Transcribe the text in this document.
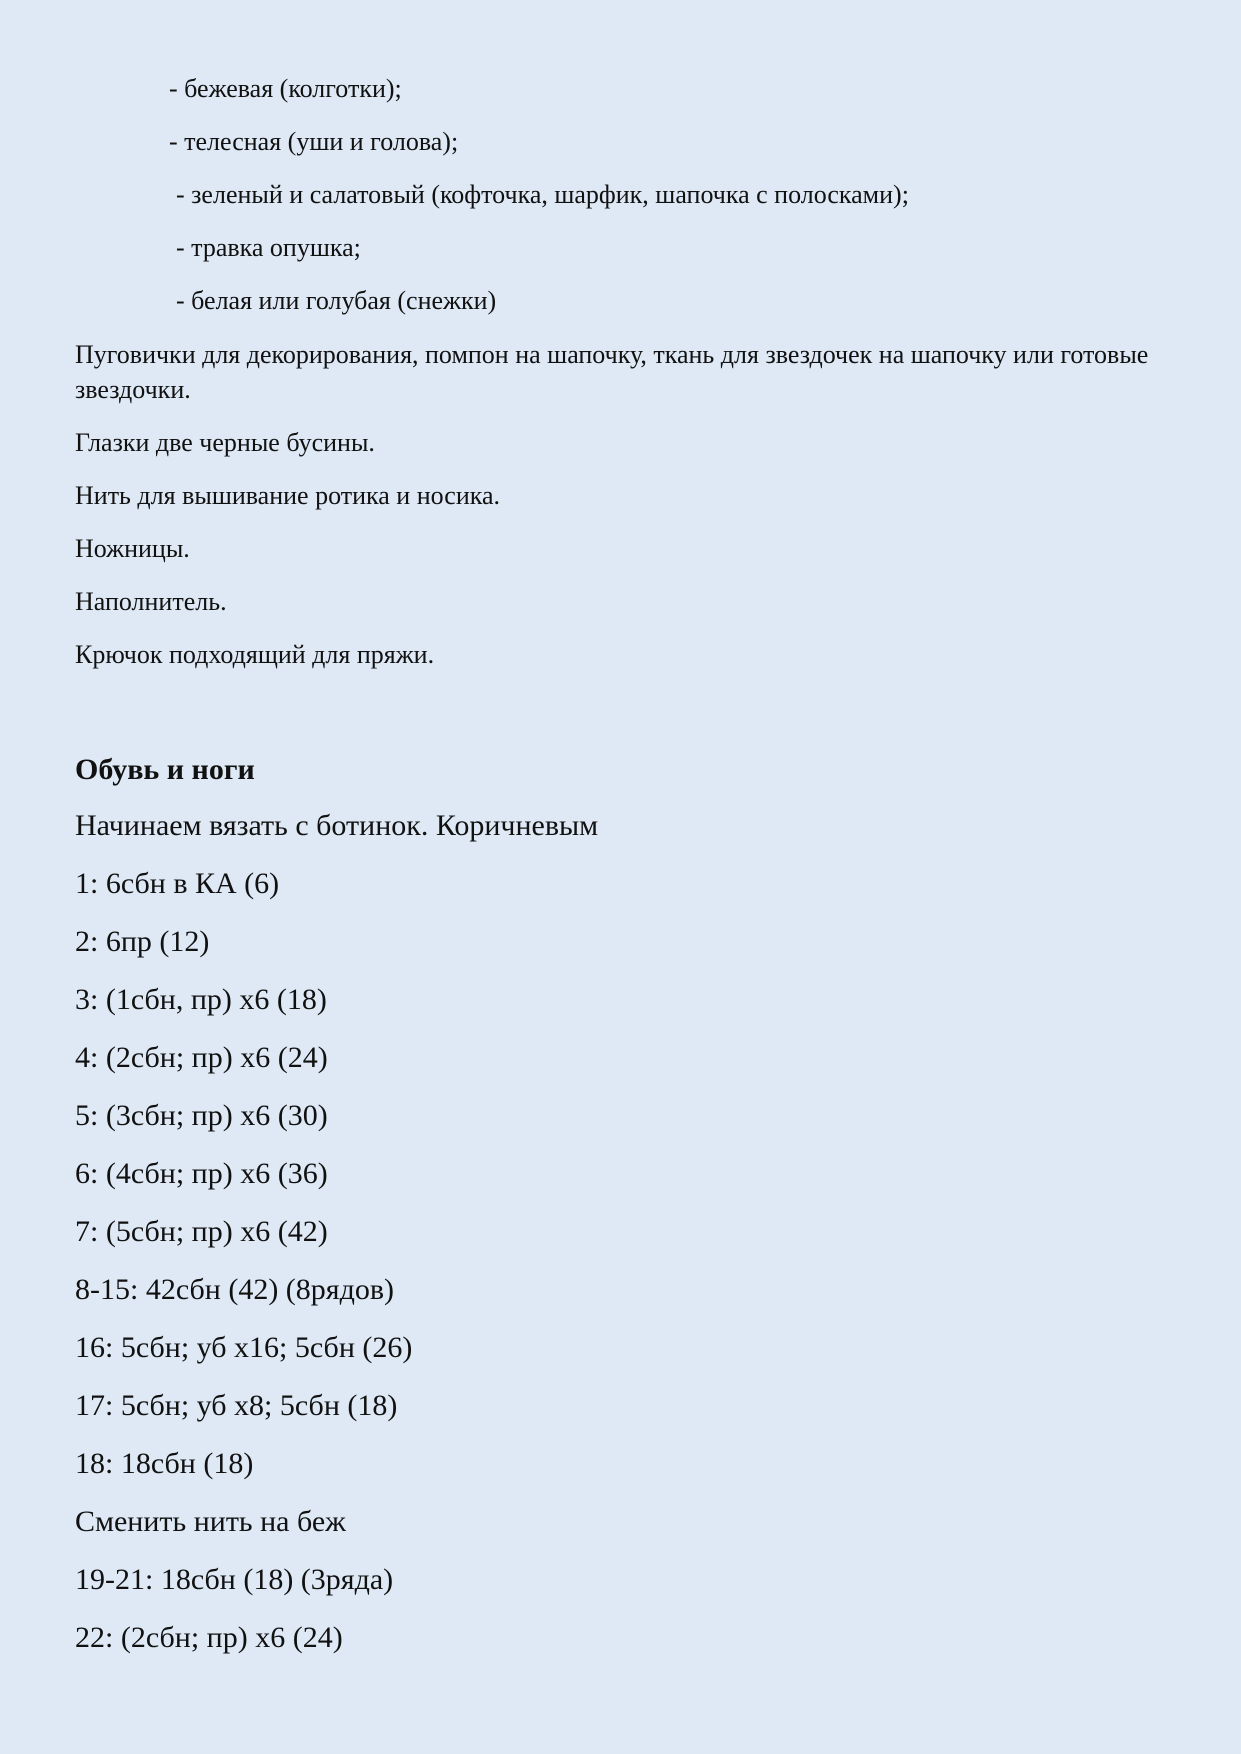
- бежевая (колготки);
- телесная (уши и голова);
- зеленый и салатовый (кофточка, шарфик, шапочка с полосками);
- травка опушка;
- белая или голубая (снежки)

Пуговички для декорирования, помпон на шапочку, ткань для звездочек на шапочку или готовые звездочки.

Глазки две черные бусины.

Нить для вышивание ротика и носика.

Ножницы.

Наполнитель.

Крючок подходящий для пряжи.

Обувь и ноги
Начинаем вязать с ботинок. Коричневым
1: 6сбн в КА (6)
2: 6пр (12)
3: (1сбн, пр) x6 (18)
4: (2сбн; пр) x6 (24)
5: (3сбн; пр) x6 (30)
6: (4сбн; пр) x6 (36)
7: (5сбн; пр) x6 (42)
8-15: 42сбн (42) (8рядов)
16: 5сбн; уб x16; 5сбн (26)
17: 5сбн; уб x8; 5сбн (18)
18: 18сбн (18)
Сменить нить на беж
19-21: 18сбн (18) (3ряда)
22: (2сбн; пр) x6 (24)
